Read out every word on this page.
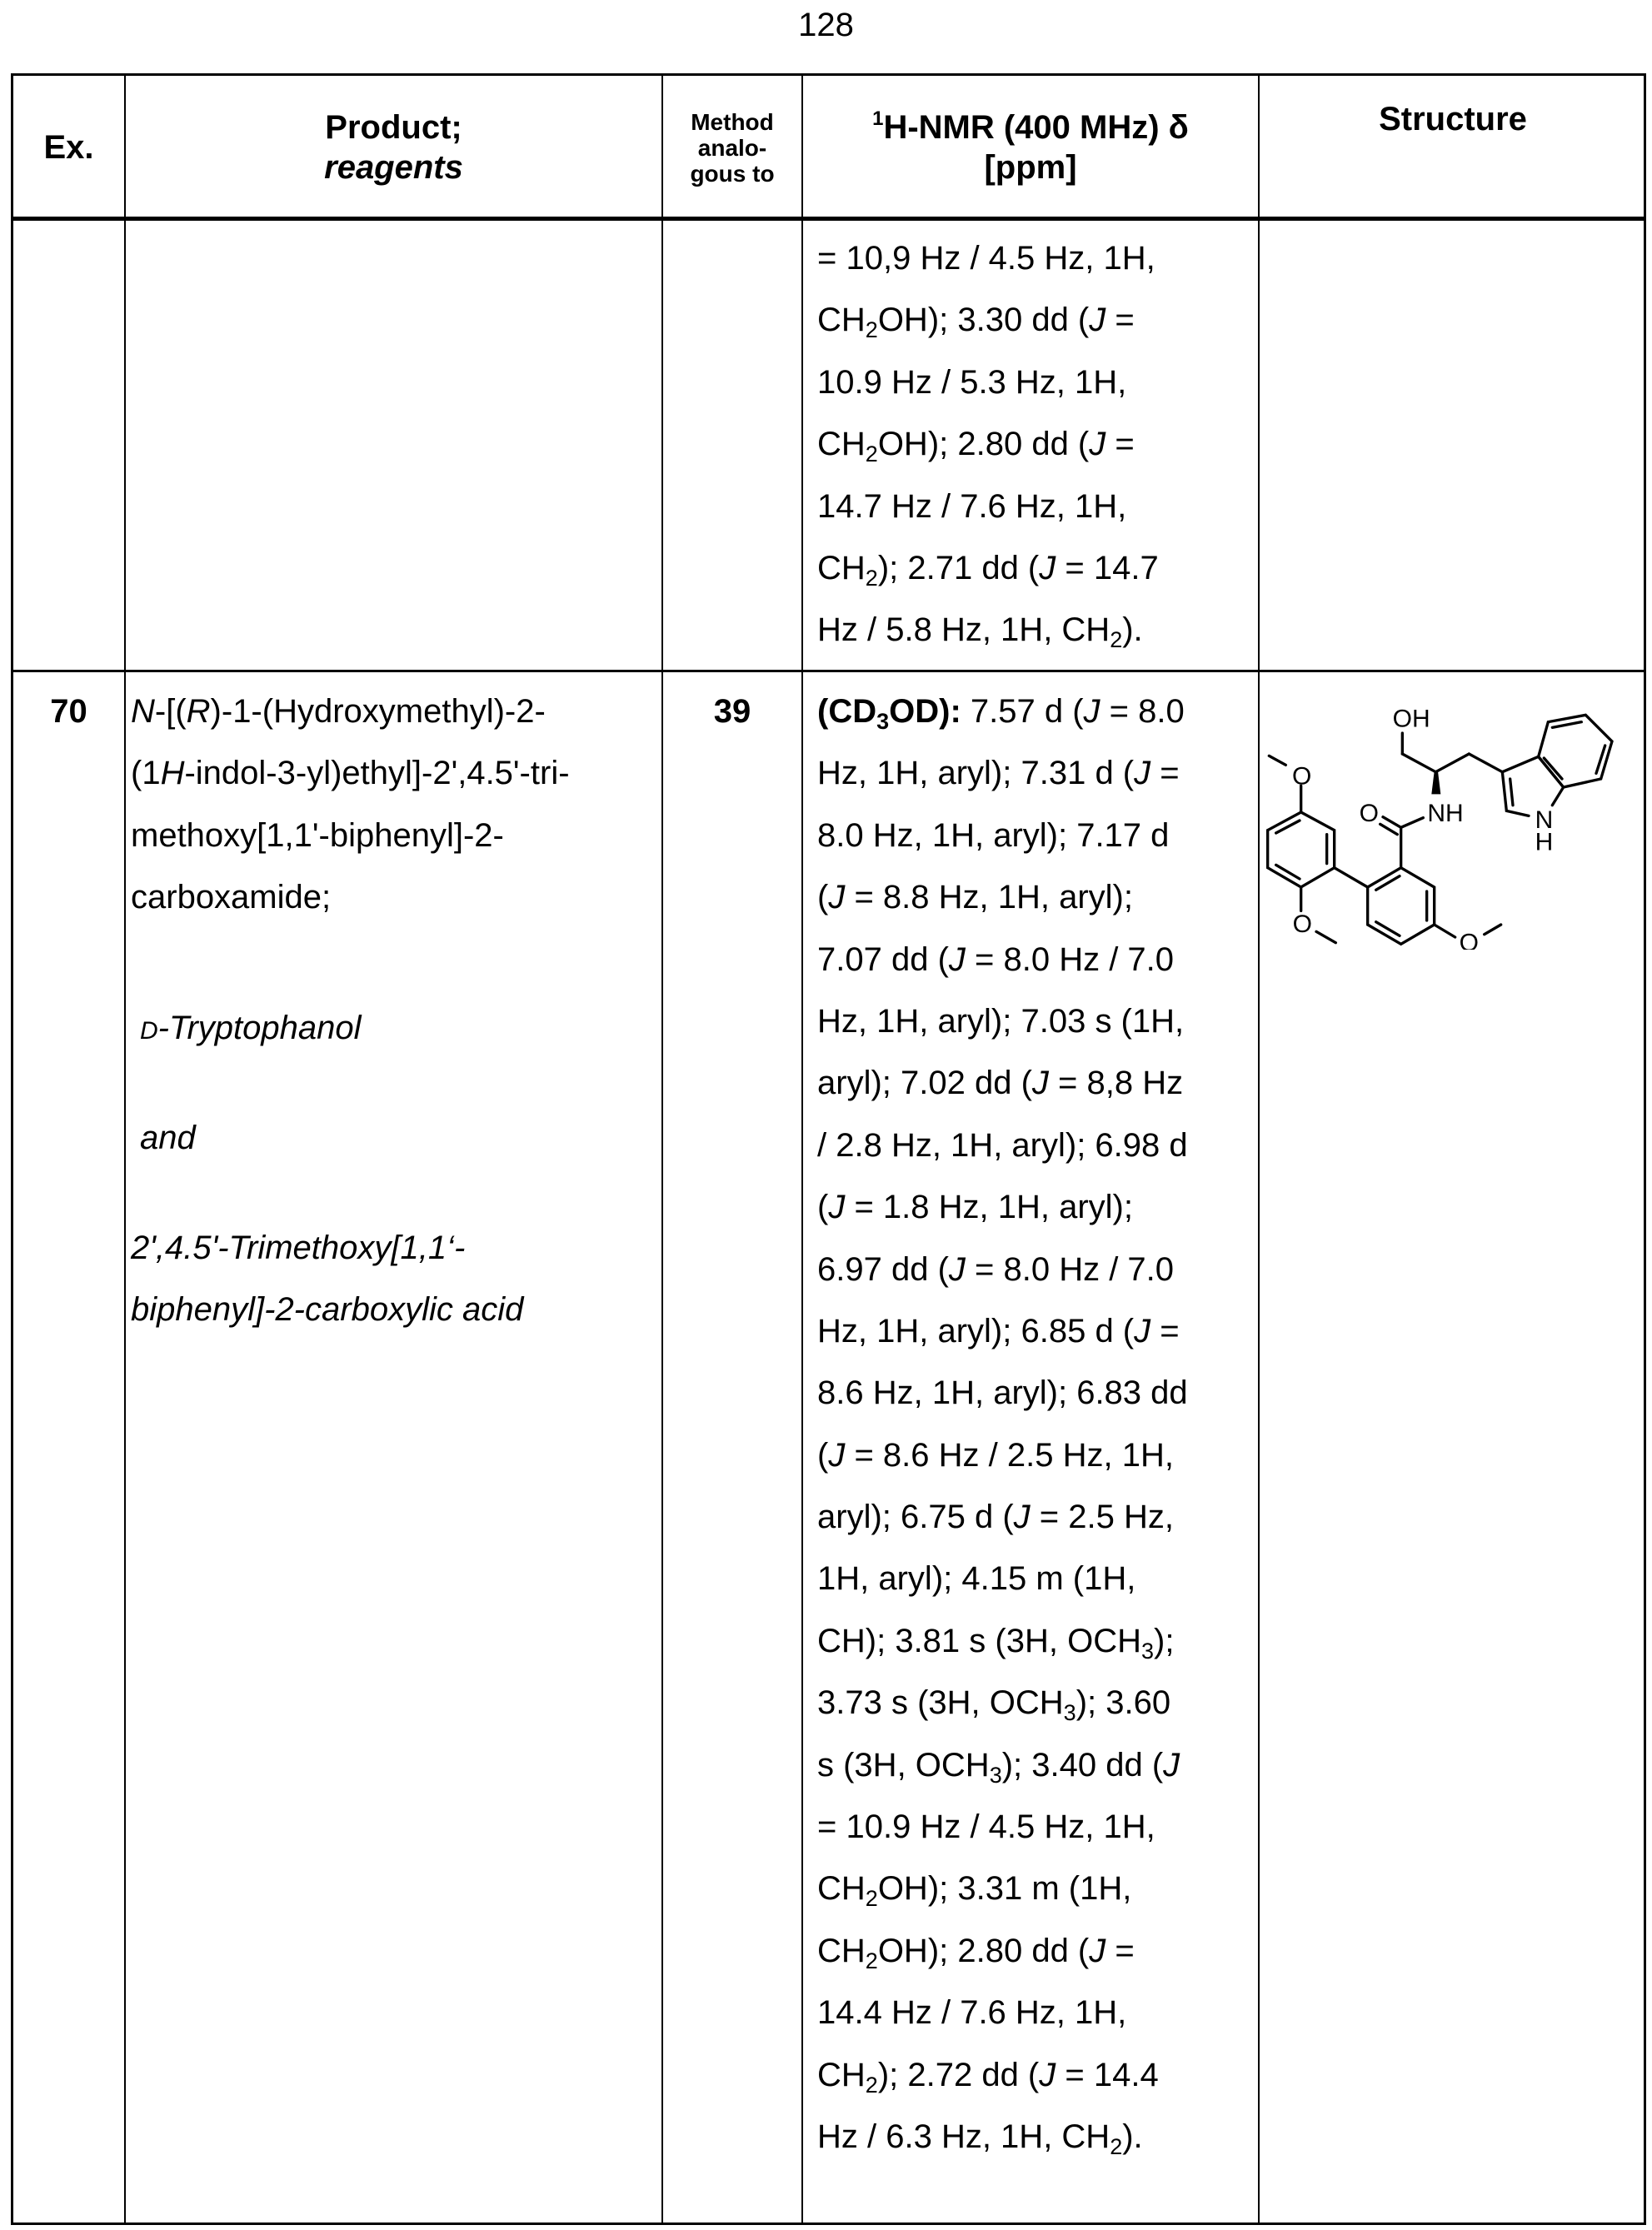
128
Ex.
Product;
reagents
Method
analo-
gous to
1H-NMR (400 MHz) δ
[ppm]
Structure
= 10,9 Hz / 4.5 Hz, 1H,
CH2OH); 3.30 dd (J =
10.9 Hz / 5.3 Hz, 1H,
CH2OH); 2.80 dd (J =
14.7 Hz / 7.6 Hz, 1H,
CH2); 2.71 dd (J = 14.7
Hz / 5.8 Hz, 1H, CH2).
70	N-[(R)-1-(Hydroxymethyl)-2-
(1H-indol-3-yl)ethyl]-2',4.5'-tri-
methoxy[1,1'-biphenyl]-2-
carboxamide;
D-Tryptophanol
and
2',4.5'-Trimethoxy[1,1‘-
biphenyl]-2-carboxylic acid
39	(CD3OD): 7.57 d (J = 8.0
Hz, 1H, aryl); 7.31 d (J =
8.0 Hz, 1H, aryl); 7.17 d
(J = 8.8 Hz, 1H, aryl);
7.07 dd (J = 8.0 Hz / 7.0
Hz, 1H, aryl); 7.03 s (1H,
aryl); 7.02 dd (J = 8,8 Hz
/ 2.8 Hz, 1H, aryl); 6.98 d
(J = 1.8 Hz, 1H, aryl);
6.97 dd (J = 8.0 Hz / 7.0
Hz, 1H, aryl); 6.85 d (J =
8.6 Hz, 1H, aryl); 6.83 dd
(J = 8.6 Hz / 2.5 Hz, 1H,
aryl); 6.75 d (J = 2.5 Hz,
1H, aryl); 4.15 m (1H,
CH); 3.81 s (3H, OCH3);
3.73 s (3H, OCH3); 3.60
s (3H, OCH3); 3.40 dd (J
= 10.9 Hz / 4.5 Hz, 1H,
CH2OH); 3.31 m (1H,
CH2OH); 2.80 dd (J =
14.4 Hz / 7.6 Hz, 1H,
CH2); 2.72 dd (J = 14.4
Hz / 6.3 Hz, 1H, CH2).
OH
NH
O N
H
O
O
O
